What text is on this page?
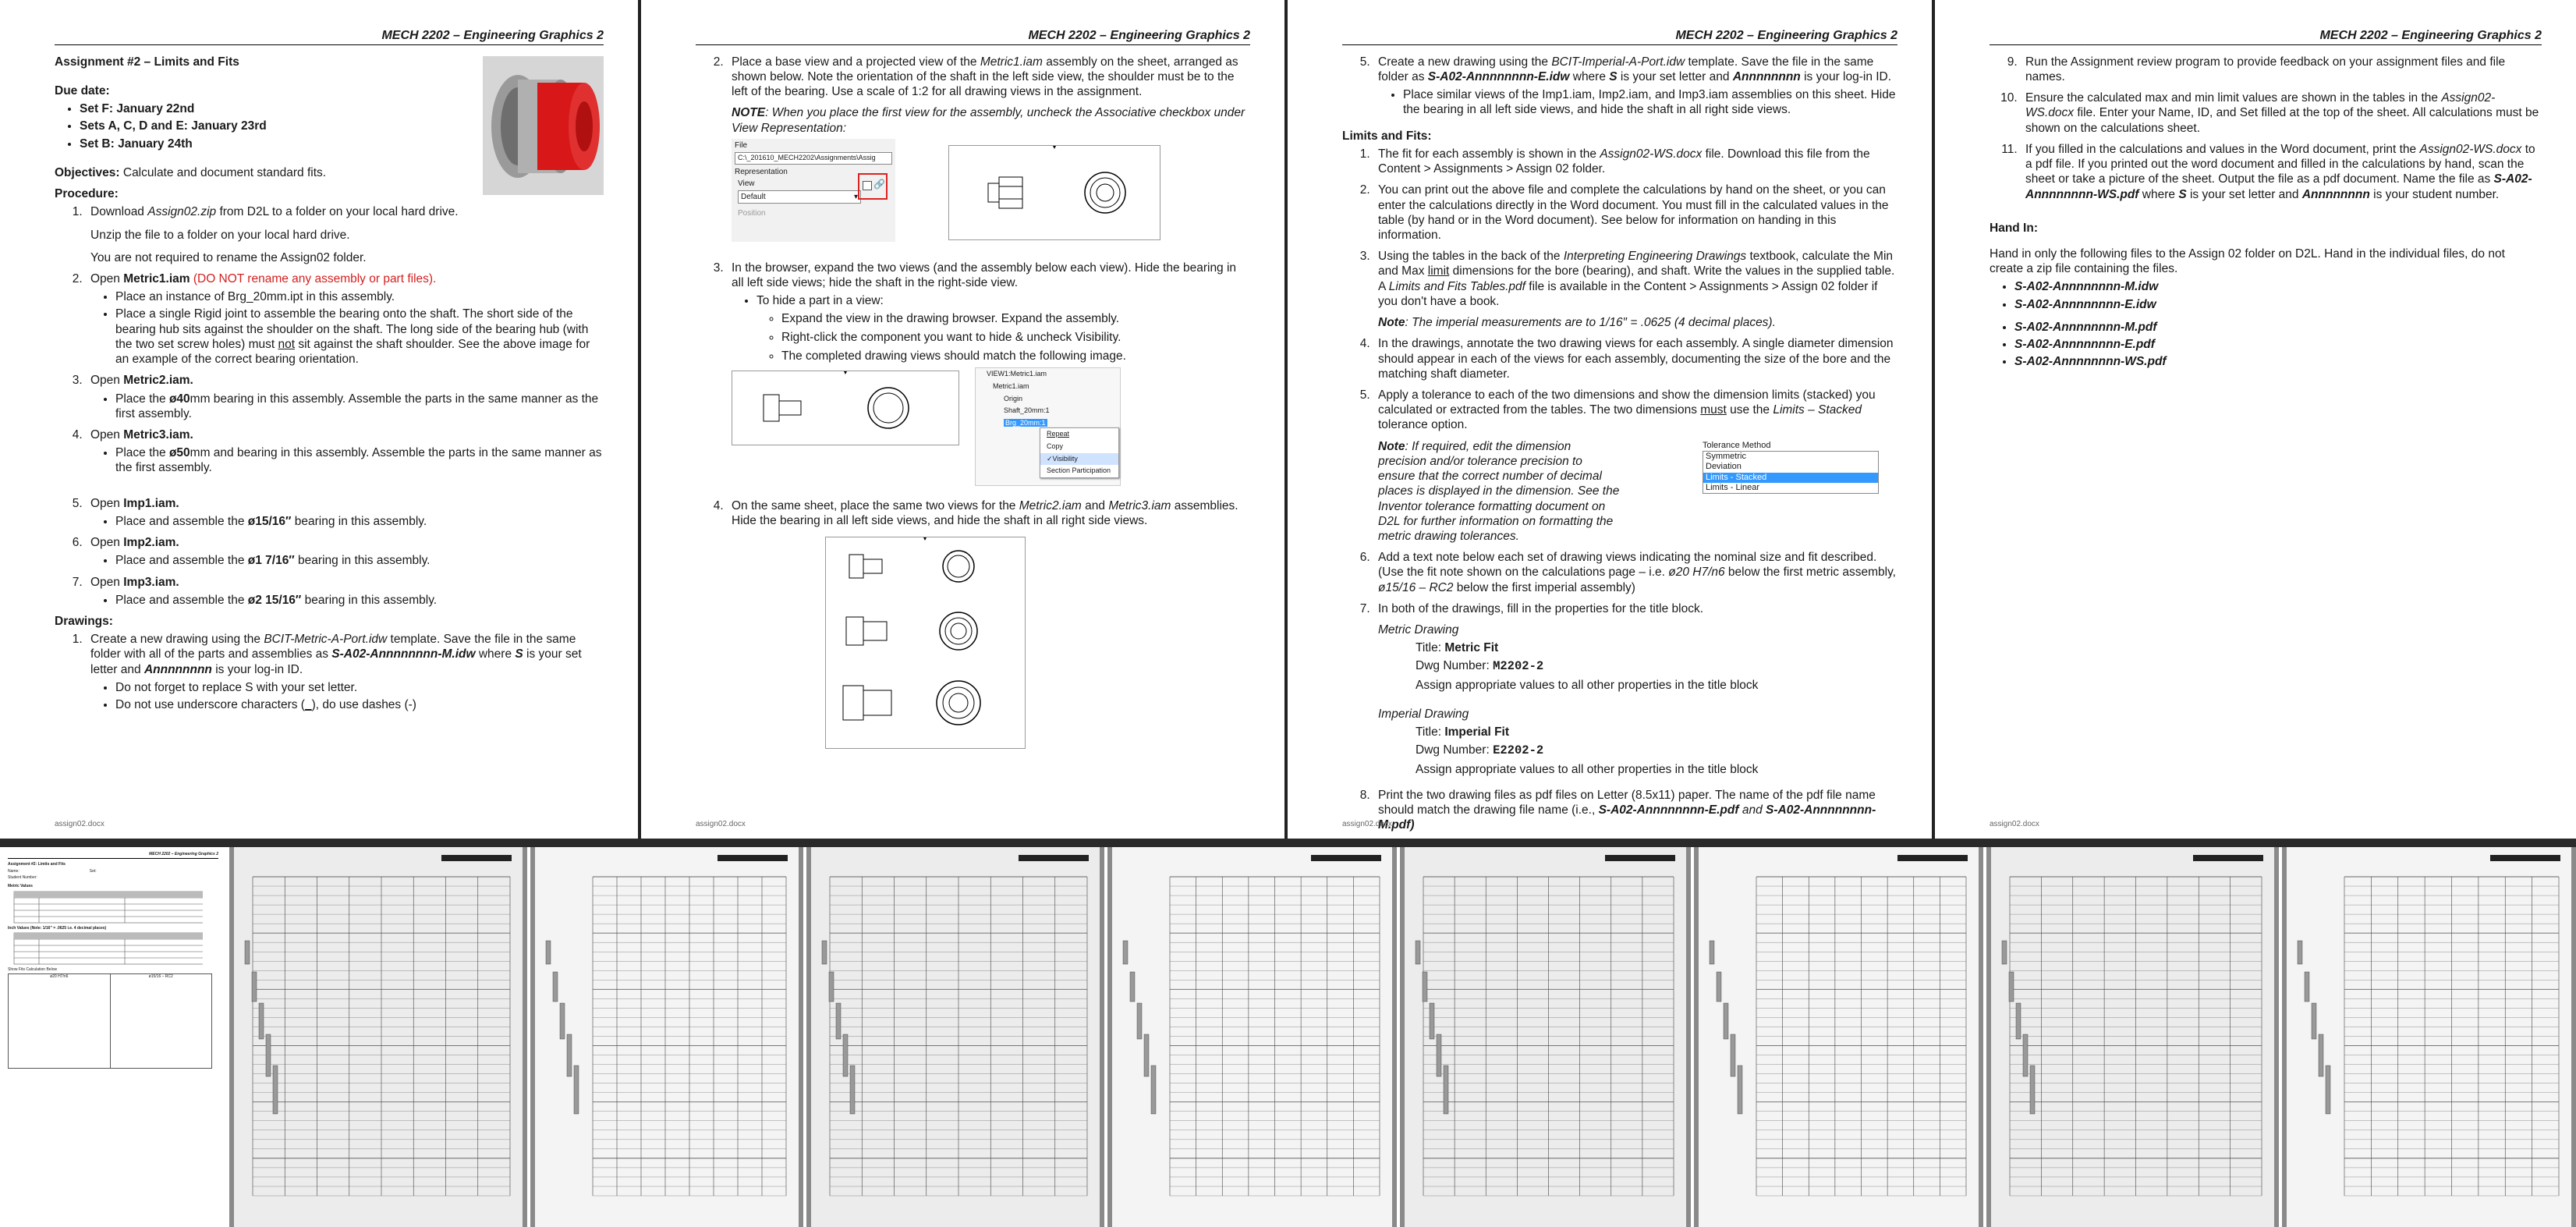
MECH 2202 – Engineering Graphics 2
Assignment #2 – Limits and Fits

Due date:

• Set F: January 22nd
• Sets A, C, D and E: January 23rd
• Set B: January 24th

Objectives: Calculate and document standard fits.

Procedure:
1. Download Assign02.zip from D2L to a folder on your local hard drive.

Unzip the file to a folder on your local hard drive.

You are not required to rename the Assign02 folder.

2. Open Metric1.iam (DO NOT rename any assembly or part files).
• Place an instance of Brg_20mm.ipt in this assembly.
• Place a single Rigid joint to assemble the bearing onto the shaft. The short side of the bearing hub sits against the shoulder on the shaft. The long side of the bearing hub (with the two set screw holes) must not sit against the shaft shoulder. See the above image for an example of the correct bearing orientation.
3. Open Metric2.iam.
• Place the ø40mm bearing in this assembly. Assemble the parts in the same manner as the first assembly.
4. Open Metric3.iam.
• Place the ø50mm and bearing in this assembly. Assemble the parts in the same manner as the first assembly.
5. Open Imp1.iam.
• Place and assemble the ø15/16″ bearing in this assembly.
6. Open Imp2.iam.
• Place and assemble the ø1 7/16″ bearing in this assembly.
7. Open Imp3.iam.
• Place and assemble the ø2 15/16″ bearing in this assembly.
Drawings:
1. Create a new drawing using the BCIT-Metric-A-Port.idw template. Save the file in the same folder with all of the parts and assemblies as S-A02-Annnnnnnn-M.idw where S is your set letter and Annnnnnnn is your log-in ID.
• Do not forget to replace S with your set letter.
• Do not use underscore characters (_), do use dashes (-)
assign02.docx
MECH 2202 – Engineering Graphics 2
2. Place a base view and a projected view of the Metric1.iam assembly on the sheet, arranged as shown below. Note the orientation of the shaft in the left side view, the shoulder must be to the left of the bearing. Use a scale of 1:2 for all drawing views in the assignment.

NOTE: When you place the first view for the assembly, uncheck the Associative checkbox under View Representation:

File
C:\_201610_MECH2202\Assignments\Assig
Representation
View
Default	▾
🔗
Position
3. In the browser, expand the two views (and the assembly below each view). Hide the bearing in all left side views; hide the shaft in the right-side view.
• To hide a part in a view:
◦ Expand the view in the drawing browser. Expand the assembly.
◦ Right-click the component you want to hide & uncheck Visibility.
◦ The completed drawing views should match the following image.
VIEW1:Metric1.iam
Metric1.iam
Origin
Shaft_20mm:1
Brg_20mm:1
Repeat
Copy
✓Visibility
Section Participation
4. On the same sheet, place the same two views for the Metric2.iam and Metric3.iam assemblies. Hide the bearing in all left side views, and hide the shaft in all right side views.
assign02.docx
MECH 2202 – Engineering Graphics 2
5. Create a new drawing using the BCIT-Imperial-A-Port.idw template. Save the file in the same folder as S-A02-Annnnnnnn-E.idw where S is your set letter and Annnnnnnn is your log-in ID.
• Place similar views of the Imp1.iam, Imp2.iam, and Imp3.iam assemblies on this sheet. Hide the bearing in all left side views, and hide the shaft in all right side views.
Limits and Fits:
1. The fit for each assembly is shown in the Assign02-WS.docx file. Download this file from the Content > Assignments > Assign 02 folder.
2. You can print out the above file and complete the calculations by hand on the sheet, or you can enter the calculations directly in the Word document. You must fill in the calculated values in the table (by hand or in the Word document). See below for information on handing in this information.
3. Using the tables in the back of the Interpreting Engineering Drawings textbook, calculate the Min and Max limit dimensions for the bore (bearing), and shaft. Write the values in the supplied table. A Limits and Fits Tables.pdf file is available in the Content > Assignments > Assign 02 folder if you don't have a book.

Note: The imperial measurements are to 1/16″ = .0625 (4 decimal places).

4. In the drawings, annotate the two drawing views for each assembly. A single diameter dimension should appear in each of the views for each assembly, documenting the size of the bore and the matching shaft diameter.
5. Apply a tolerance to each of the two dimensions and show the dimension limits (stacked) you calculated or extracted from the tables. The two dimensions must use the Limits – Stacked tolerance option.
Tolerance Method
Symmetric
Deviation
Limits - Stacked
Limits - Linear

Note: If required, edit the dimension precision and/or tolerance precision to ensure that the correct number of decimal places is displayed in the dimension. See the Inventor tolerance formatting document on D2L for further information on formatting the metric drawing tolerances.

6. Add a text note below each set of drawing views indicating the nominal size and fit described. (Use the fit note shown on the calculations page – i.e. ø20 H7/n6 below the first metric assembly, ø15/16 – RC2 below the first imperial assembly)
7. In both of the drawings, fill in the properties for the title block.

Metric Drawing

Title: Metric Fit

Dwg Number: M2202-2

Assign appropriate values to all other properties in the title block

Imperial Drawing

Title: Imperial Fit

Dwg Number: E2202-2

Assign appropriate values to all other properties in the title block

8. Print the two drawing files as pdf files on Letter (8.5x11) paper. The name of the pdf file name should match the drawing file name (i.e., S-A02-Annnnnnnn-E.pdf and S-A02-Annnnnnnn-M.pdf)
assign02.docx
MECH 2202 – Engineering Graphics 2
9. Run the Assignment review program to provide feedback on your assignment files and file names.
10. Ensure the calculated max and min limit values are shown in the tables in the Assign02-WS.docx file. Enter your Name, ID, and Set filled at the top of the sheet. All calculations must be shown on the calculations sheet.
11. If you filled in the calculations and values in the Word document, print the Assign02-WS.docx to a pdf file. If you printed out the word document and filled in the calculations by hand, scan the sheet or take a picture of the sheet. Output the file as a pdf document. Name the file as S-A02-Annnnnnnn-WS.pdf where S is your set letter and Annnnnnnn is your student number.
Hand In:

Hand in only the following files to the Assign 02 folder on D2L. Hand in the individual files, do not create a zip file containing the files.

• S-A02-Annnnnnnn-M.idw
• S-A02-Annnnnnnn-E.idw
• S-A02-Annnnnnnn-M.pdf
• S-A02-Annnnnnnn-E.pdf
• S-A02-Annnnnnnn-WS.pdf
assign02.docx
MECH 2202 – Engineering Graphics 2
Assignment #2: Limits and Fits
Name:	Set:
Student Number:
Metric Values
Inch Values (Note: 1/16″ = .0625 i.e. 4 decimal places)
Show Fits Calculation Below
ø20 H7/n6	ø15/16 – RC2
